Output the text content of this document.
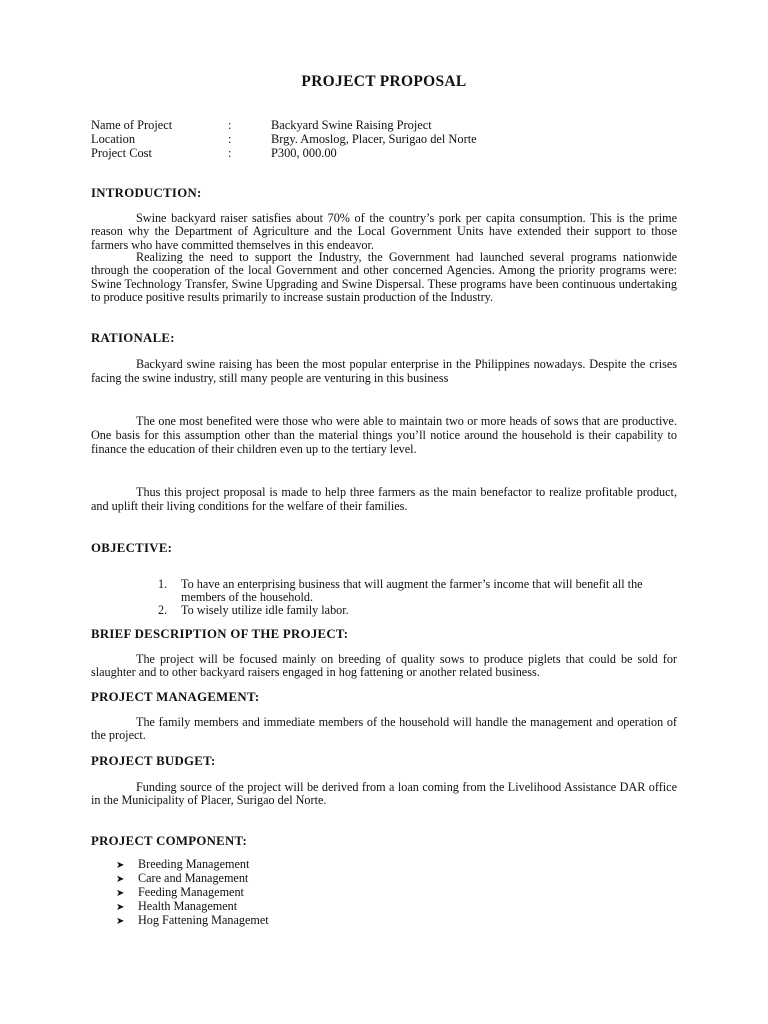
PROJECT PROPOSAL
Name of Project	:	Backyard Swine Raising Project
Location	:	Brgy. Amoslog, Placer, Surigao del Norte
Project Cost	:	P300, 000.00
INTRODUCTION:

Swine backyard raiser satisfies about 70% of the country’s pork per capita consumption. This is the prime reason why the Department of Agriculture and the Local Government Units have extended their support to those farmers who have committed themselves in this endeavor.

Realizing the need to support the Industry, the Government had launched several programs nationwide through the cooperation of the local Government and other concerned Agencies. Among the priority programs were: Swine Technology Transfer, Swine Upgrading and Swine Dispersal. These programs have been continuous undertaking to produce positive results primarily to increase sustain production of the Industry.

RATIONALE:

Backyard swine raising has been the most popular enterprise in the Philippines nowadays. Despite the crises facing the swine industry, still many people are venturing in this business

The one most benefited were those who were able to maintain two or more heads of sows that are productive. One basis for this assumption other than the material things you’ll notice around the household is their capability to finance the education of their children even up to the tertiary level.

Thus this project proposal is made to help three farmers as the main benefactor to realize profitable product, and uplift their living conditions for the welfare of their families.

OBJECTIVE:
1. To have an enterprising business that will augment the farmer’s income that will benefit all the members of the household.
2. To wisely utilize idle family labor.
BRIEF DESCRIPTION OF THE PROJECT:

The project will be focused mainly on breeding of quality sows to produce piglets that could be sold for slaughter and to other backyard raisers engaged in hog fattening or another related business.

PROJECT MANAGEMENT:

The family members and immediate members of the household will handle the management and operation of the project.

PROJECT BUDGET:

Funding source of the project will be derived from a loan coming from the Livelihood Assistance DAR office in the Municipality of Placer, Surigao del Norte.

PROJECT COMPONENT:
➤ Breeding Management
➤ Care and Management
➤ Feeding Management
➤ Health Management
➤ Hog Fattening Managemet
